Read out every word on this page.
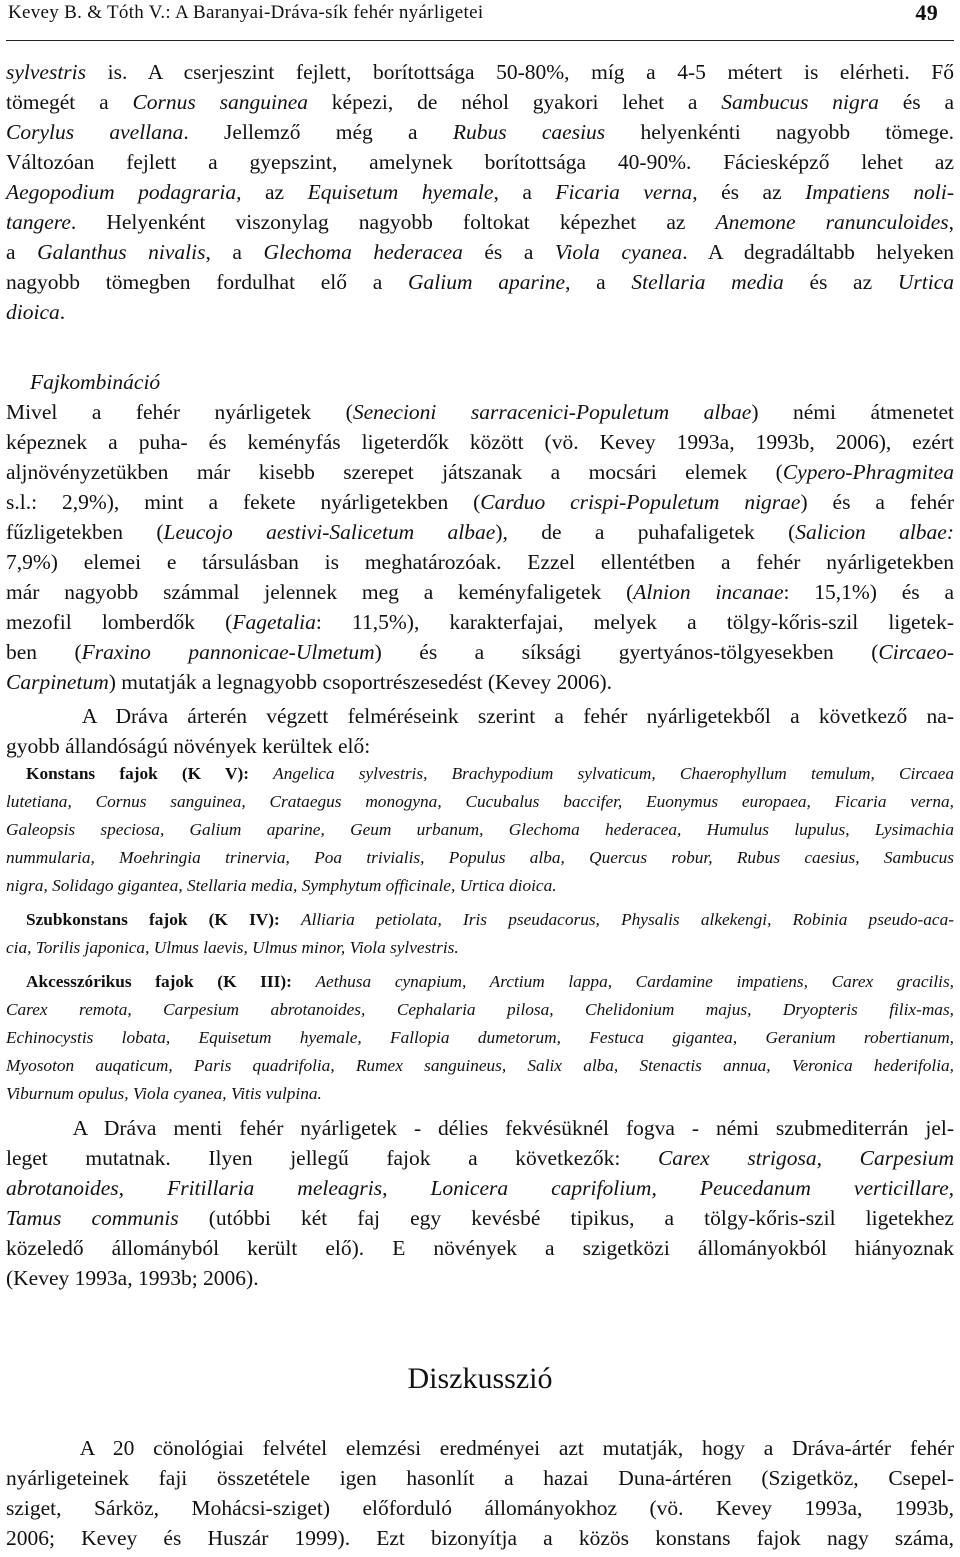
Kevey B. & Tóth V.: A Baranyai-Dráva-sík fehér nyárligetei	49

sylvestris is. A cserjeszint fejlett, borítottsága 50-80%, míg a 4-5 métert is elérheti. Fő

tömegét a Cornus sanguinea képezi, de néhol gyakori lehet a Sambucus nigra és a

Corylus avellana. Jellemző még a Rubus caesius helyenkénti nagyobb tömege.

Változóan fejlett a gyepszint, amelynek borítottsága 40-90%. Fáciesképző lehet az

Aegopodium podagraria, az Equisetum hyemale, a Ficaria verna, és az Impatiens noli-

tangere. Helyenként viszonylag nagyobb foltokat képezhet az Anemone ranunculoides,

a Galanthus nivalis, a Glechoma hederacea és a Viola cyanea. A degradáltabb helyeken

nagyobb tömegben fordulhat elő a Galium aparine, a Stellaria media és az Urtica

dioica.

Fajkombináció

Mivel a fehér nyárligetek (Senecioni sarracenici-Populetum albae) némi átmenetet

képeznek a puha- és keményfás ligeterdők között (vö. Kevey 1993a, 1993b, 2006), ezért

aljnövényzetükben már kisebb szerepet játszanak a mocsári elemek (Cypero-Phragmitea

s.l.: 2,9%), mint a fekete nyárligetekben (Carduo crispi-Populetum nigrae) és a fehér

fűzligetekben (Leucojo aestivi-Salicetum albae), de a puhafaligetek (Salicion albae:

7,9%) elemei e társulásban is meghatározóak. Ezzel ellentétben a fehér nyárligetekben

már nagyobb számmal jelennek meg a keményfaligetek (Alnion incanae: 15,1%) és a

mezofil lomberdők (Fagetalia: 11,5%), karakterfajai, melyek a tölgy-kőris-szil ligetek-

ben (Fraxino pannonicae-Ulmetum) és a síksági gyertyános-tölgyesekben (Circaeo-

Carpinetum) mutatják a legnagyobb csoportrészesedést (Kevey 2006).

A Dráva árterén végzett felméréseink szerint a fehér nyárligetekből a következő na-

gyobb állandóságú növények kerültek elő:

Konstans fajok (K V): Angelica sylvestris, Brachypodium sylvaticum, Chaerophyllum temulum, Circaea

lutetiana, Cornus sanguinea, Crataegus monogyna, Cucubalus baccifer, Euonymus europaea, Ficaria verna,

Galeopsis speciosa, Galium aparine, Geum urbanum, Glechoma hederacea, Humulus lupulus, Lysimachia

nummularia, Moehringia trinervia, Poa trivialis, Populus alba, Quercus robur, Rubus caesius, Sambucus

nigra, Solidago gigantea, Stellaria media, Symphytum officinale, Urtica dioica.

Szubkonstans fajok (K IV): Alliaria petiolata, Iris pseudacorus, Physalis alkekengi, Robinia pseudo-aca-

cia, Torilis japonica, Ulmus laevis, Ulmus minor, Viola sylvestris.

Akcesszórikus fajok (K III): Aethusa cynapium, Arctium lappa, Cardamine impatiens, Carex gracilis,

Carex remota, Carpesium abrotanoides, Cephalaria pilosa, Chelidonium majus, Dryopteris filix-mas,

Echinocystis lobata, Equisetum hyemale, Fallopia dumetorum, Festuca gigantea, Geranium robertianum,

Myosoton auqaticum, Paris quadrifolia, Rumex sanguineus, Salix alba, Stenactis annua, Veronica hederifolia,

Viburnum opulus, Viola cyanea, Vitis vulpina.

A Dráva menti fehér nyárligetek - délies fekvésüknél fogva - némi szubmediterrán jel-

leget mutatnak. Ilyen jellegű fajok a következők: Carex strigosa, Carpesium

abrotanoides, Fritillaria meleagris, Lonicera caprifolium, Peucedanum verticillare,

Tamus communis (utóbbi két faj egy kevésbé tipikus, a tölgy-kőris-szil ligetekhez

közeledő állományból került elő). E növények a szigetközi állományokból hiányoznak

(Kevey 1993a, 1993b; 2006).

Diszkusszió

A 20 cönológiai felvétel elemzési eredményei azt mutatják, hogy a Dráva-ártér fehér

nyárligeteinek faji összetétele igen hasonlít a hazai Duna-ártéren (Szigetköz, Csepel-

sziget, Sárköz, Mohácsi-sziget) előforduló állományokhoz (vö. Kevey 1993a, 1993b,

2006; Kevey és Huszár 1999). Ezt bizonyítja a közös konstans fajok nagy száma,
